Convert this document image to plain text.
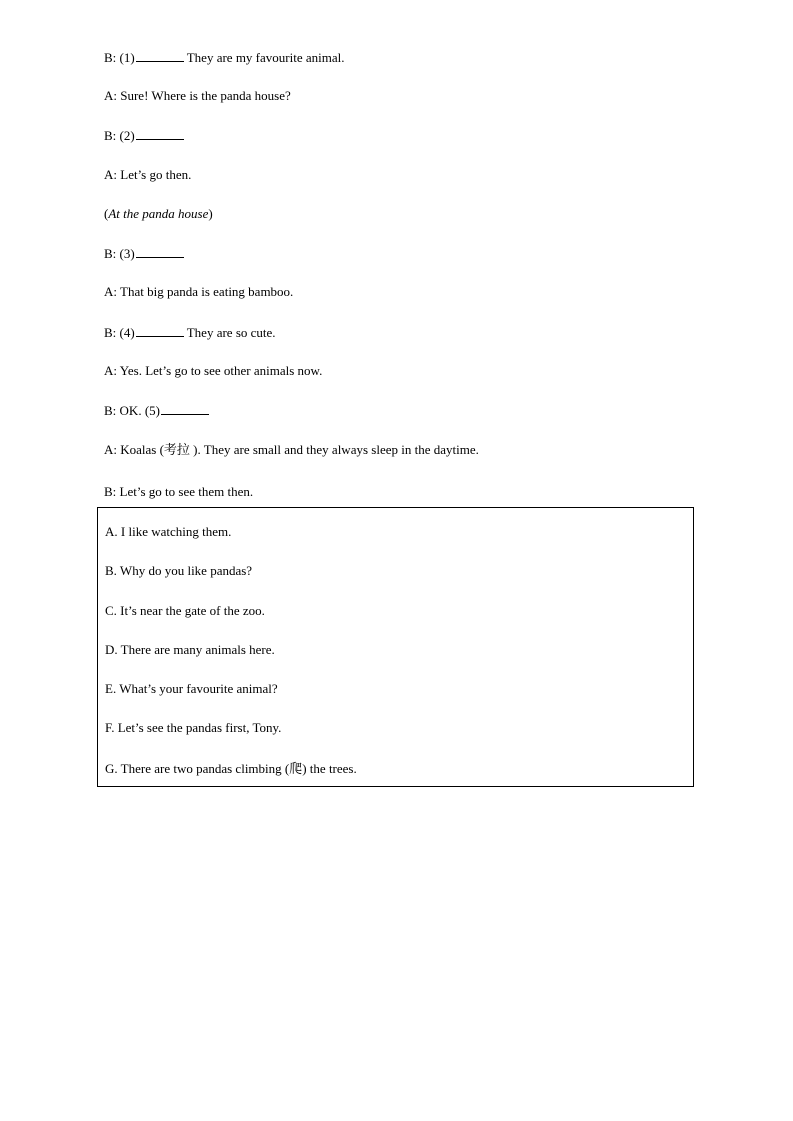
B: (1)	They are my favourite animal.
A: Sure! Where is the panda house?
B: (2)
A: Let’s go then.
(At the panda house)
B: (3)
A: That big panda is eating bamboo.
B: (4)	They are so cute.
A: Yes. Let’s go to see other animals now.
B: OK. (5)
A: Koalas (考拉 ). They are small and they always sleep in the daytime.
B: Let’s go to see them then.
A. I like watching them.
B. Why do you like pandas?
C. It’s near the gate of the zoo.
D. There are many animals here.
E. What’s your favourite animal?
F. Let’s see the pandas first, Tony.
G. There are two pandas climbing (爬) the trees.
